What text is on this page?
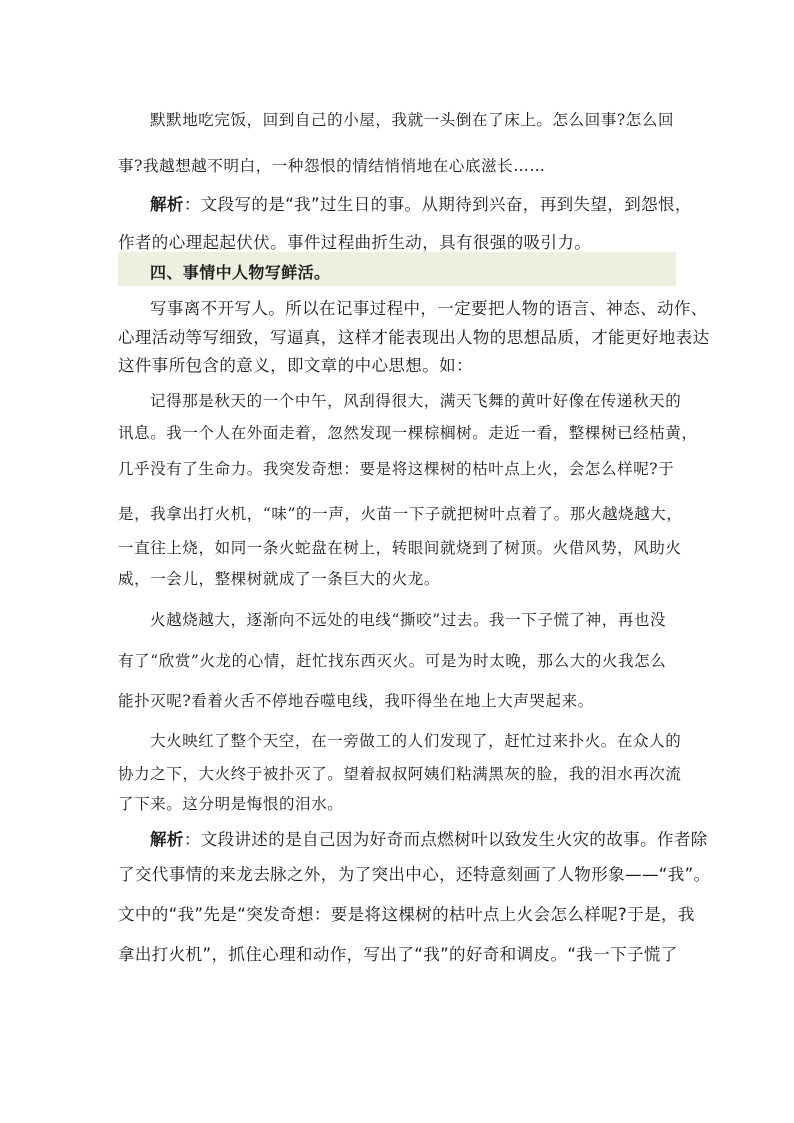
默默地吃完饭，回到自己的小屋，我就一头倒在了床上。怎么回事?怎么回

事?我越想越不明白，一种怨恨的情结悄悄地在心底滋长……

解析：文段写的是“我”过生日的事。从期待到兴奋，再到失望，到怨恨，

作者的心理起起伏伏。事件过程曲折生动，具有很强的吸引力。

四、事情中人物写鲜活。

写事离不开写人。所以在记事过程中，一定要把人物的语言、神态、动作、

心理活动等写细致，写逼真，这样才能表现出人物的思想品质，才能更好地表达

这件事所包含的意义，即文章的中心思想。如：

记得那是秋天的一个中午，风刮得很大，满天飞舞的黄叶好像在传递秋天的

讯息。我一个人在外面走着，忽然发现一棵棕榈树。走近一看，整棵树已经枯黄，

几乎没有了生命力。我突发奇想：要是将这棵树的枯叶点上火，会怎么样呢?于

是，我拿出打火机，“味”的一声，火苗一下子就把树叶点着了。那火越烧越大，

一直往上烧，如同一条火蛇盘在树上，转眼间就烧到了树顶。火借风势，风助火

威，一会儿，整棵树就成了一条巨大的火龙。

火越烧越大，逐渐向不远处的电线“撕咬”过去。我一下子慌了神，再也没

有了“欣赏”火龙的心情，赶忙找东西灭火。可是为时太晚，那么大的火我怎么

能扑灭呢?看着火舌不停地吞噬电线，我吓得坐在地上大声哭起来。

大火映红了整个天空，在一旁做工的人们发现了，赶忙过来扑火。在众人的

协力之下，大火终于被扑灭了。望着叔叔阿姨们粘满黑灰的脸，我的泪水再次流

了下来。这分明是悔恨的泪水。

解析：文段讲述的是自己因为好奇而点燃树叶以致发生火灾的故事。作者除

了交代事情的来龙去脉之外，为了突出中心，还特意刻画了人物形象——“我”。

文中的“我”先是“突发奇想：要是将这棵树的枯叶点上火会怎么样呢?于是，我

拿出打火机”，抓住心理和动作，写出了“我”的好奇和调皮。“我一下子慌了
